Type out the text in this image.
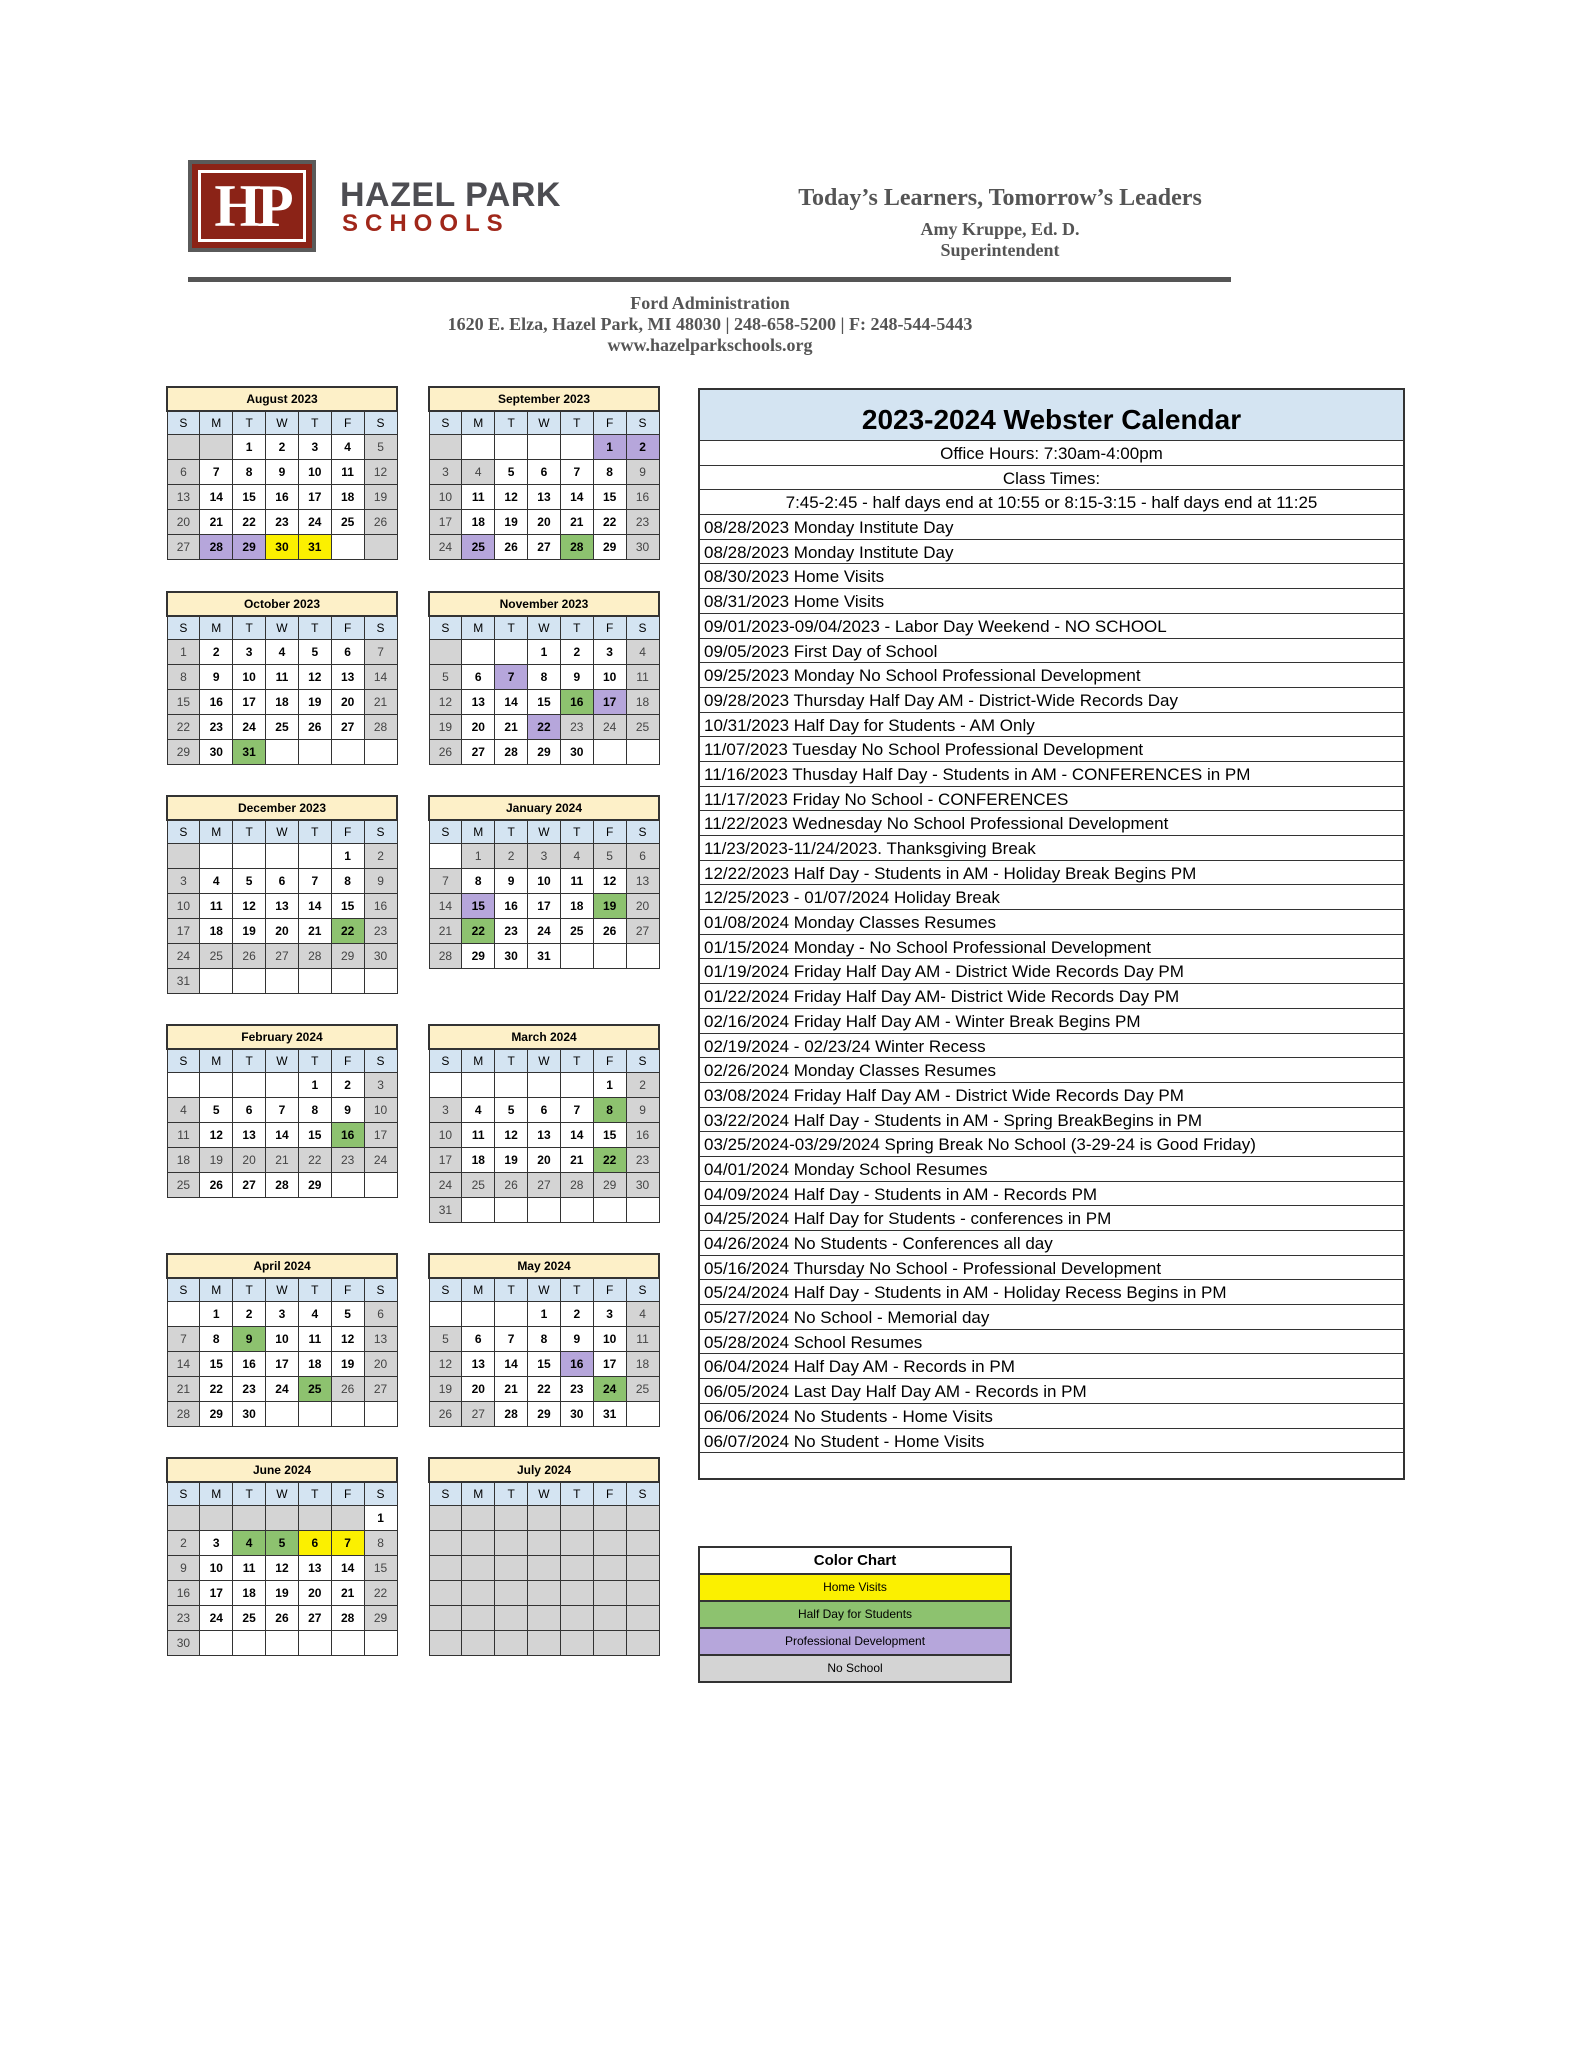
HP	HAZEL PARK
SCHOOLS
Today’s Learners, Tomorrow’s Leaders
Amy Kruppe, Ed. D.
Superintendent
Ford Administration
1620 E. Elza, Hazel Park, MI 48030 | 248-658-5200 | F: 248-544-5443
www.hazelparkschools.org
August 2023						
S	M	T	W	T	F	S
		1	2	3	4	5
6	7	8	9	10	11	12
13	14	15	16	17	18	19
20	21	22	23	24	25	26
27	28	29	30	31		
September 2023						
S	M	T	W	T	F	S
					1	2
3	4	5	6	7	8	9
10	11	12	13	14	15	16
17	18	19	20	21	22	23
24	25	26	27	28	29	30
October 2023						
S	M	T	W	T	F	S
1	2	3	4	5	6	7
8	9	10	11	12	13	14
15	16	17	18	19	20	21
22	23	24	25	26	27	28
29	30	31				
November 2023						
S	M	T	W	T	F	S
			1	2	3	4
5	6	7	8	9	10	11
12	13	14	15	16	17	18
19	20	21	22	23	24	25
26	27	28	29	30		
December 2023						
S	M	T	W	T	F	S
					1	2
3	4	5	6	7	8	9
10	11	12	13	14	15	16
17	18	19	20	21	22	23
24	25	26	27	28	29	30
31						
January 2024						
S	M	T	W	T	F	S
	1	2	3	4	5	6
7	8	9	10	11	12	13
14	15	16	17	18	19	20
21	22	23	24	25	26	27
28	29	30	31			
February 2024						
S	M	T	W	T	F	S
				1	2	3
4	5	6	7	8	9	10
11	12	13	14	15	16	17
18	19	20	21	22	23	24
25	26	27	28	29		
March 2024						
S	M	T	W	T	F	S
					1	2
3	4	5	6	7	8	9
10	11	12	13	14	15	16
17	18	19	20	21	22	23
24	25	26	27	28	29	30
31						
April 2024						
S	M	T	W	T	F	S
	1	2	3	4	5	6
7	8	9	10	11	12	13
14	15	16	17	18	19	20
21	22	23	24	25	26	27
28	29	30				
May 2024						
S	M	T	W	T	F	S
			1	2	3	4
5	6	7	8	9	10	11
12	13	14	15	16	17	18
19	20	21	22	23	24	25
26	27	28	29	30	31	
June 2024						
S	M	T	W	T	F	S
						1
2	3	4	5	6	7	8
9	10	11	12	13	14	15
16	17	18	19	20	21	22
23	24	25	26	27	28	29
30						
July 2024						
S	M	T	W	T	F	S

2023-2024 Webster Calendar
Office Hours: 7:30am-4:00pm
Class Times:
7:45-2:45 - half days end at 10:55 or 8:15-3:15 - half days end at 11:25
08/28/2023 Monday Institute Day
08/28/2023 Monday Institute Day
08/30/2023 Home Visits
08/31/2023 Home Visits
09/01/2023-09/04/2023 - Labor Day Weekend - NO SCHOOL
09/05/2023 First Day of School
09/25/2023 Monday No School Professional Development
09/28/2023 Thursday Half Day AM - District-Wide Records Day
10/31/2023 Half Day for Students - AM Only
11/07/2023 Tuesday No School Professional Development
11/16/2023 Thusday Half Day - Students in AM - CONFERENCES in PM
11/17/2023 Friday No School - CONFERENCES
11/22/2023 Wednesday No School Professional Development
11/23/2023-11/24/2023. Thanksgiving Break
12/22/2023 Half Day - Students in AM - Holiday Break Begins PM
12/25/2023 - 01/07/2024 Holiday Break
01/08/2024 Monday Classes Resumes
01/15/2024 Monday - No School Professional Development
01/19/2024 Friday Half Day AM - District Wide Records Day PM
01/22/2024 Friday Half Day AM- District Wide Records Day PM
02/16/2024 Friday Half Day AM - Winter Break Begins PM
02/19/2024 - 02/23/24 Winter Recess
02/26/2024 Monday Classes Resumes
03/08/2024 Friday Half Day AM - District Wide Records Day PM
03/22/2024 Half Day - Students in AM - Spring BreakBegins in PM
03/25/2024-03/29/2024 Spring Break No School (3-29-24 is Good Friday)
04/01/2024 Monday School Resumes
04/09/2024 Half Day - Students in AM - Records PM
04/25/2024 Half Day for Students - conferences in PM
04/26/2024 No Students - Conferences all day
05/16/2024 Thursday No School - Professional Development
05/24/2024 Half Day - Students in AM - Holiday Recess Begins in PM
05/27/2024 No School - Memorial day
05/28/2024 School Resumes
06/04/2024 Half Day AM - Records in PM
06/05/2024 Last Day Half Day AM - Records in PM
06/06/2024 No Students - Home Visits
06/07/2024 No Student - Home Visits
Color Chart
Home Visits
Half Day for Students
Professional Development
No School
